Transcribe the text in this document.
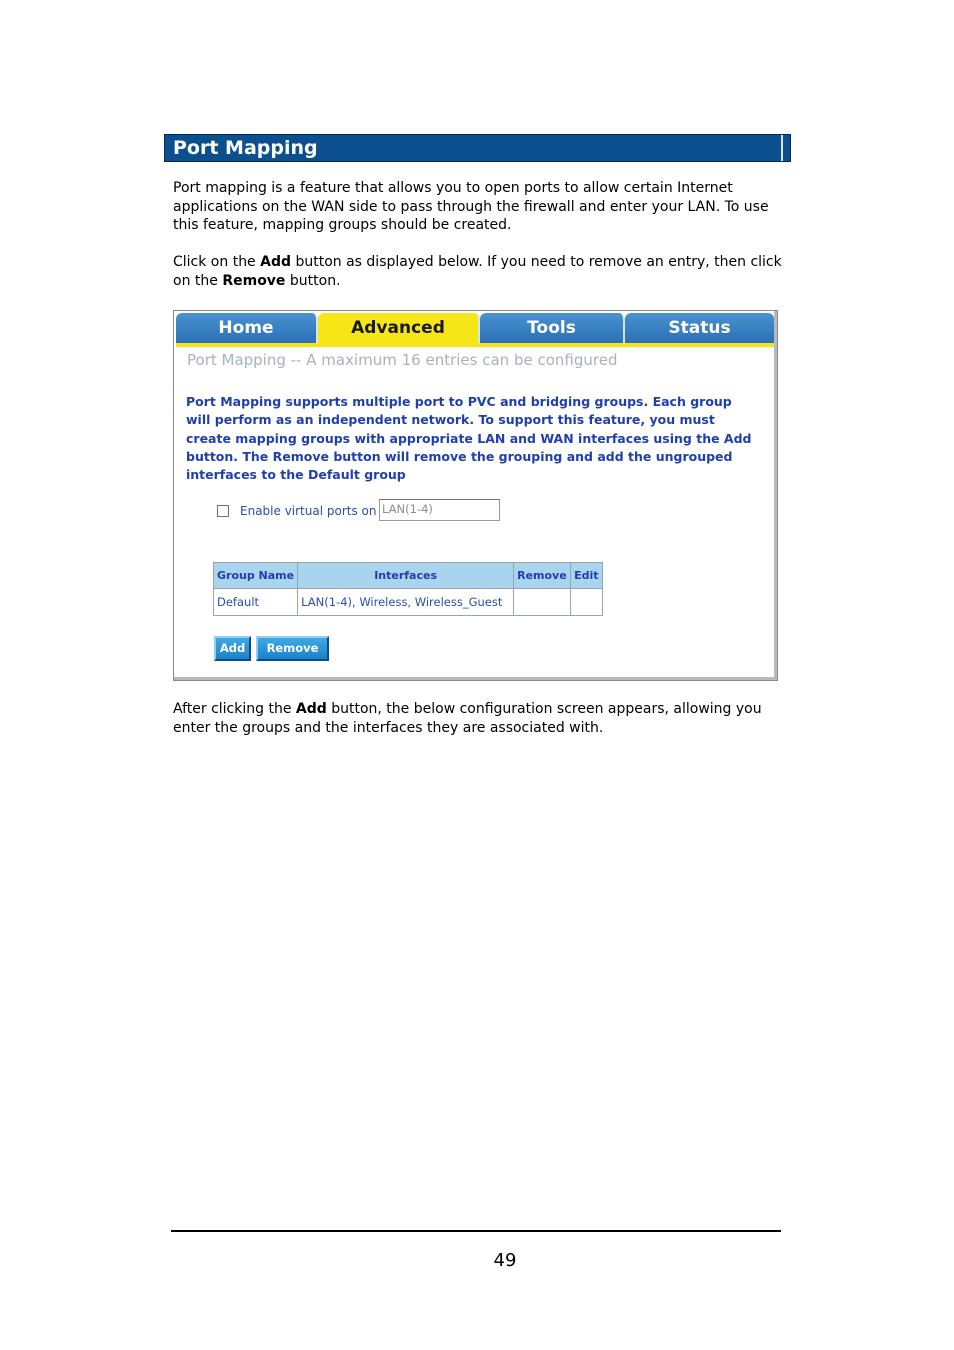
Port Mapping

Port mapping is a feature that allows you to open ports to allow certain Internet applications on the WAN side to pass through the firewall and enter your LAN. To use this feature, mapping groups should be created.

Click on the Add button as displayed below. If you need to remove an entry, then click on the Remove button.

Home	Advanced	Tools	Status
Port Mapping -- A maximum 16 entries can be configured

Port Mapping supports multiple port to PVC and bridging groups. Each group will perform as an independent network. To support this feature, you must create mapping groups with appropriate LAN and WAN interfaces using the Add button. The Remove button will remove the grouping and add the ungrouped interfaces to the Default group

Enable virtual ports on LAN(1-4)
Group Name	Interfaces	Remove	Edit
Default	LAN(1-4), Wireless, Wireless_Guest		
Add	Remove

After clicking the Add button, the below configuration screen appears, allowing you enter the groups and the interfaces they are associated with.

49
